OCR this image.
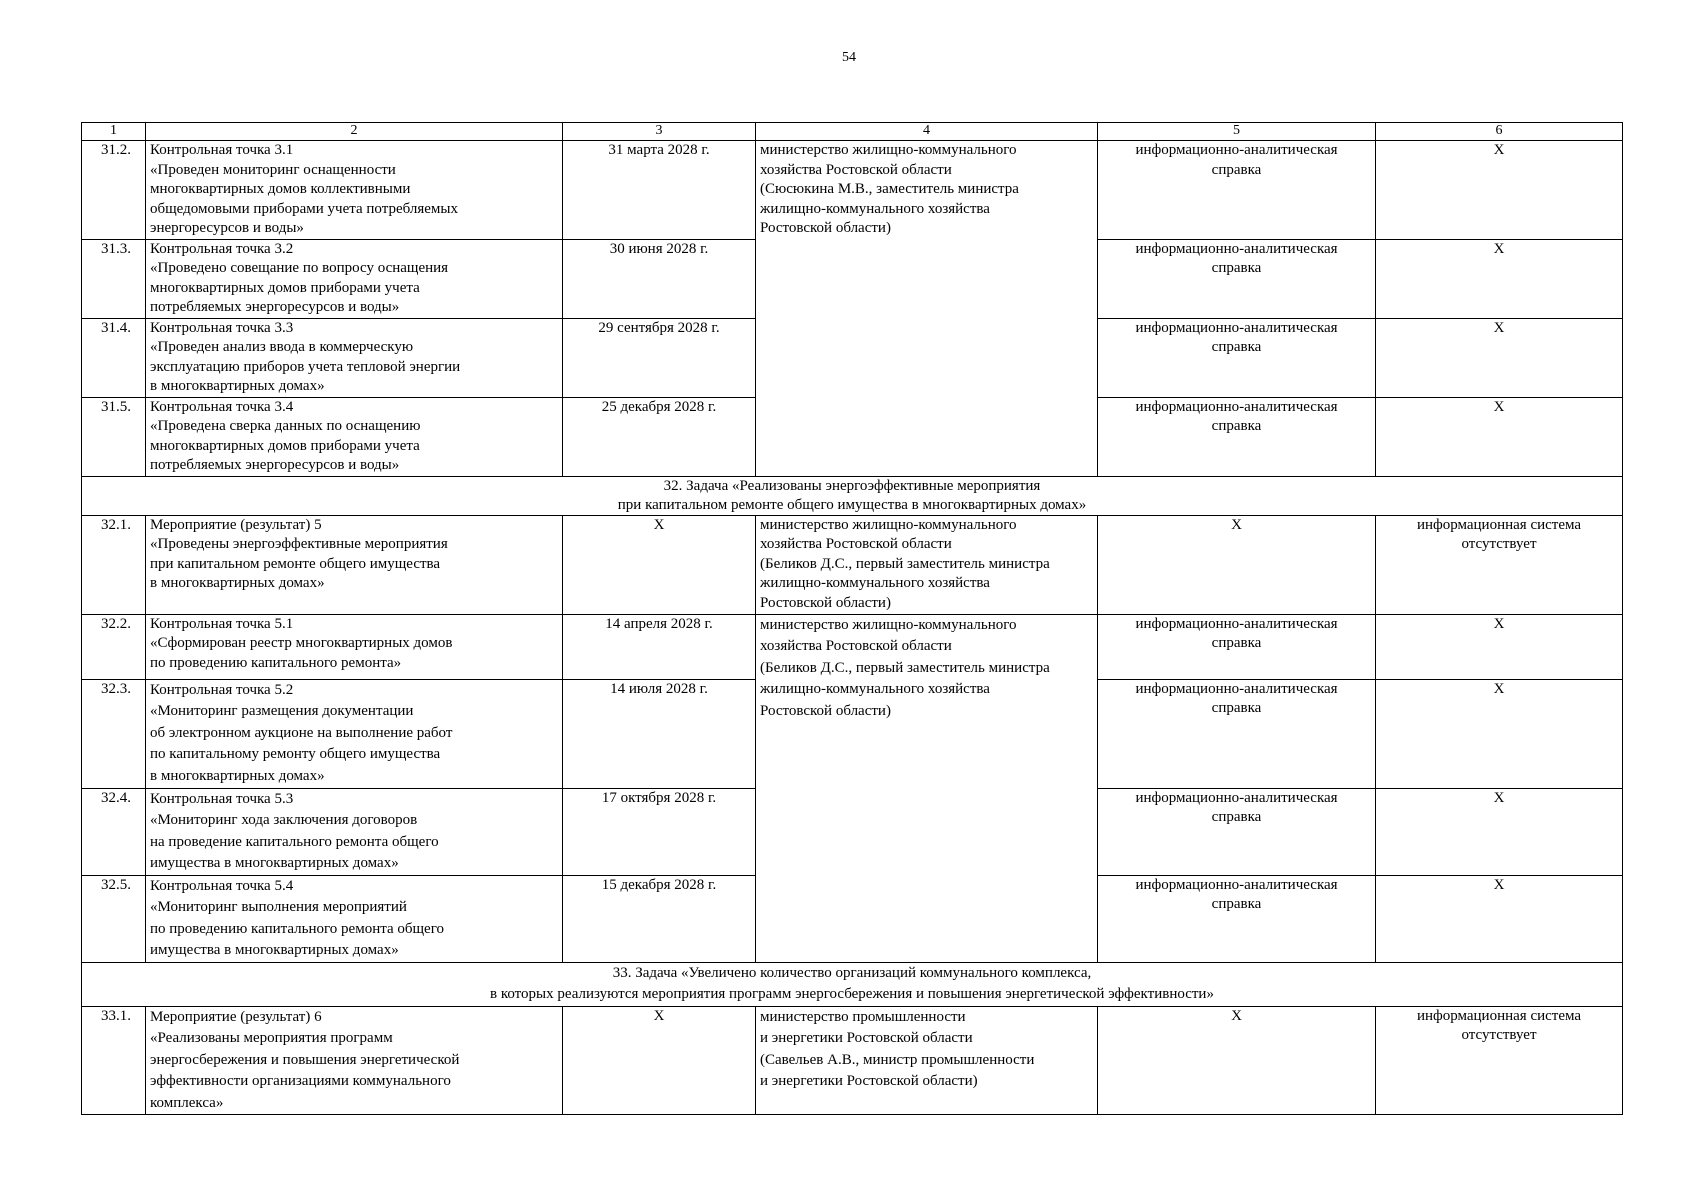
54
1	2	3	4	5	6
31.2.	Контрольная точка 3.1
«Проведен мониторинг оснащенности
многоквартирных домов коллективными
общедомовыми приборами учета потребляемых
энергоресурсов и воды»	31 марта 2028 г.	министерство жилищно-коммунального
хозяйства Ростовской области
(Сюсюкина М.В., заместитель министра
жилищно-коммунального хозяйства
Ростовской области)	информационно-аналитическая
справка	Х
31.3.	Контрольная точка 3.2
«Проведено совещание по вопросу оснащения
многоквартирных домов приборами учета
потребляемых энергоресурсов и воды»	30 июня 2028 г.		информационно-аналитическая
справка	Х
31.4.	Контрольная точка 3.3
«Проведен анализ ввода в коммерческую
эксплуатацию приборов учета тепловой энергии
в многоквартирных домах»	29 сентября 2028 г.		информационно-аналитическая
справка	Х
31.5.	Контрольная точка 3.4
«Проведена сверка данных по оснащению
многоквартирных домов приборами учета
потребляемых энергоресурсов и воды»	25 декабря 2028 г.		информационно-аналитическая
справка	Х
32. Задача «Реализованы энергоэффективные мероприятия
при капитальном ремонте общего имущества в многоквартирных домах»					
32.1.	Мероприятие (результат) 5
«Проведены энергоэффективные мероприятия
при капитальном ремонте общего имущества
в многоквартирных домах»	Х	министерство жилищно-коммунального
хозяйства Ростовской области
(Беликов Д.С., первый заместитель министра
жилищно-коммунального хозяйства
Ростовской области)	Х	информационная система
отсутствует
32.2.	Контрольная точка 5.1
«Сформирован реестр многоквартирных домов
по проведению капитального ремонта»	14 апреля 2028 г.	министерство жилищно-коммунального
хозяйства Ростовской области
(Беликов Д.С., первый заместитель министра
жилищно-коммунального хозяйства
Ростовской области)	информационно-аналитическая
справка	Х
32.3.	Контрольная точка 5.2
«Мониторинг размещения документации
об электронном аукционе на выполнение работ
по капитальному ремонту общего имущества
в многоквартирных домах»	14 июля 2028 г.		информационно-аналитическая
справка	Х
32.4.	Контрольная точка 5.3
«Мониторинг хода заключения договоров
на проведение капитального ремонта общего
имущества в многоквартирных домах»	17 октября 2028 г.		информационно-аналитическая
справка	Х
32.5.	Контрольная точка 5.4
«Мониторинг выполнения мероприятий
по проведению капитального ремонта общего
имущества в многоквартирных домах»	15 декабря 2028 г.		информационно-аналитическая
справка	Х
33. Задача «Увеличено количество организаций коммунального комплекса,
в которых реализуются мероприятия программ энергосбережения и повышения энергетической эффективности»					
33.1.	Мероприятие (результат) 6
«Реализованы мероприятия программ
энергосбережения и повышения энергетической
эффективности организациями коммунального
комплекса»	Х	министерство промышленности
и энергетики Ростовской области
(Савельев А.В., министр промышленности
и энергетики Ростовской области)	Х	информационная система
отсутствует
